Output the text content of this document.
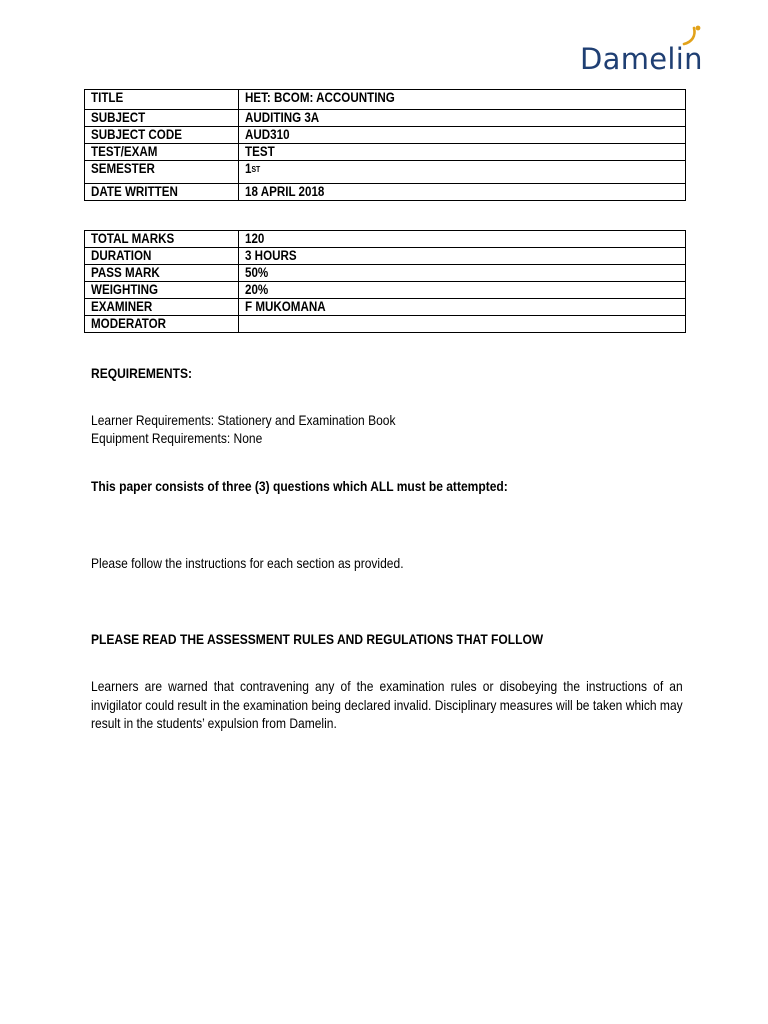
Damelin
TITLE	HET: BCOM: ACCOUNTING
SUBJECT	AUDITING 3A
SUBJECT CODE	AUD310
TEST/EXAM	TEST
SEMESTER	1ST
DATE WRITTEN	18 APRIL 2018
TOTAL MARKS	120
DURATION	3 HOURS
PASS MARK	50%
WEIGHTING	20%
EXAMINER	F MUKOMANA
MODERATOR	
REQUIREMENTS:
Learner Requirements: Stationery and Examination Book
Equipment Requirements: None
This paper consists of three (3) questions which ALL must be attempted:
Please follow the instructions for each section as provided.
PLEASE READ THE ASSESSMENT RULES AND REGULATIONS THAT FOLLOW
Learners are warned that contravening any of the examination rules or disobeying the instructions of an invigilator could result in the examination being declared invalid. Disciplinary measures will be taken which may result in the students’ expulsion from Damelin.
